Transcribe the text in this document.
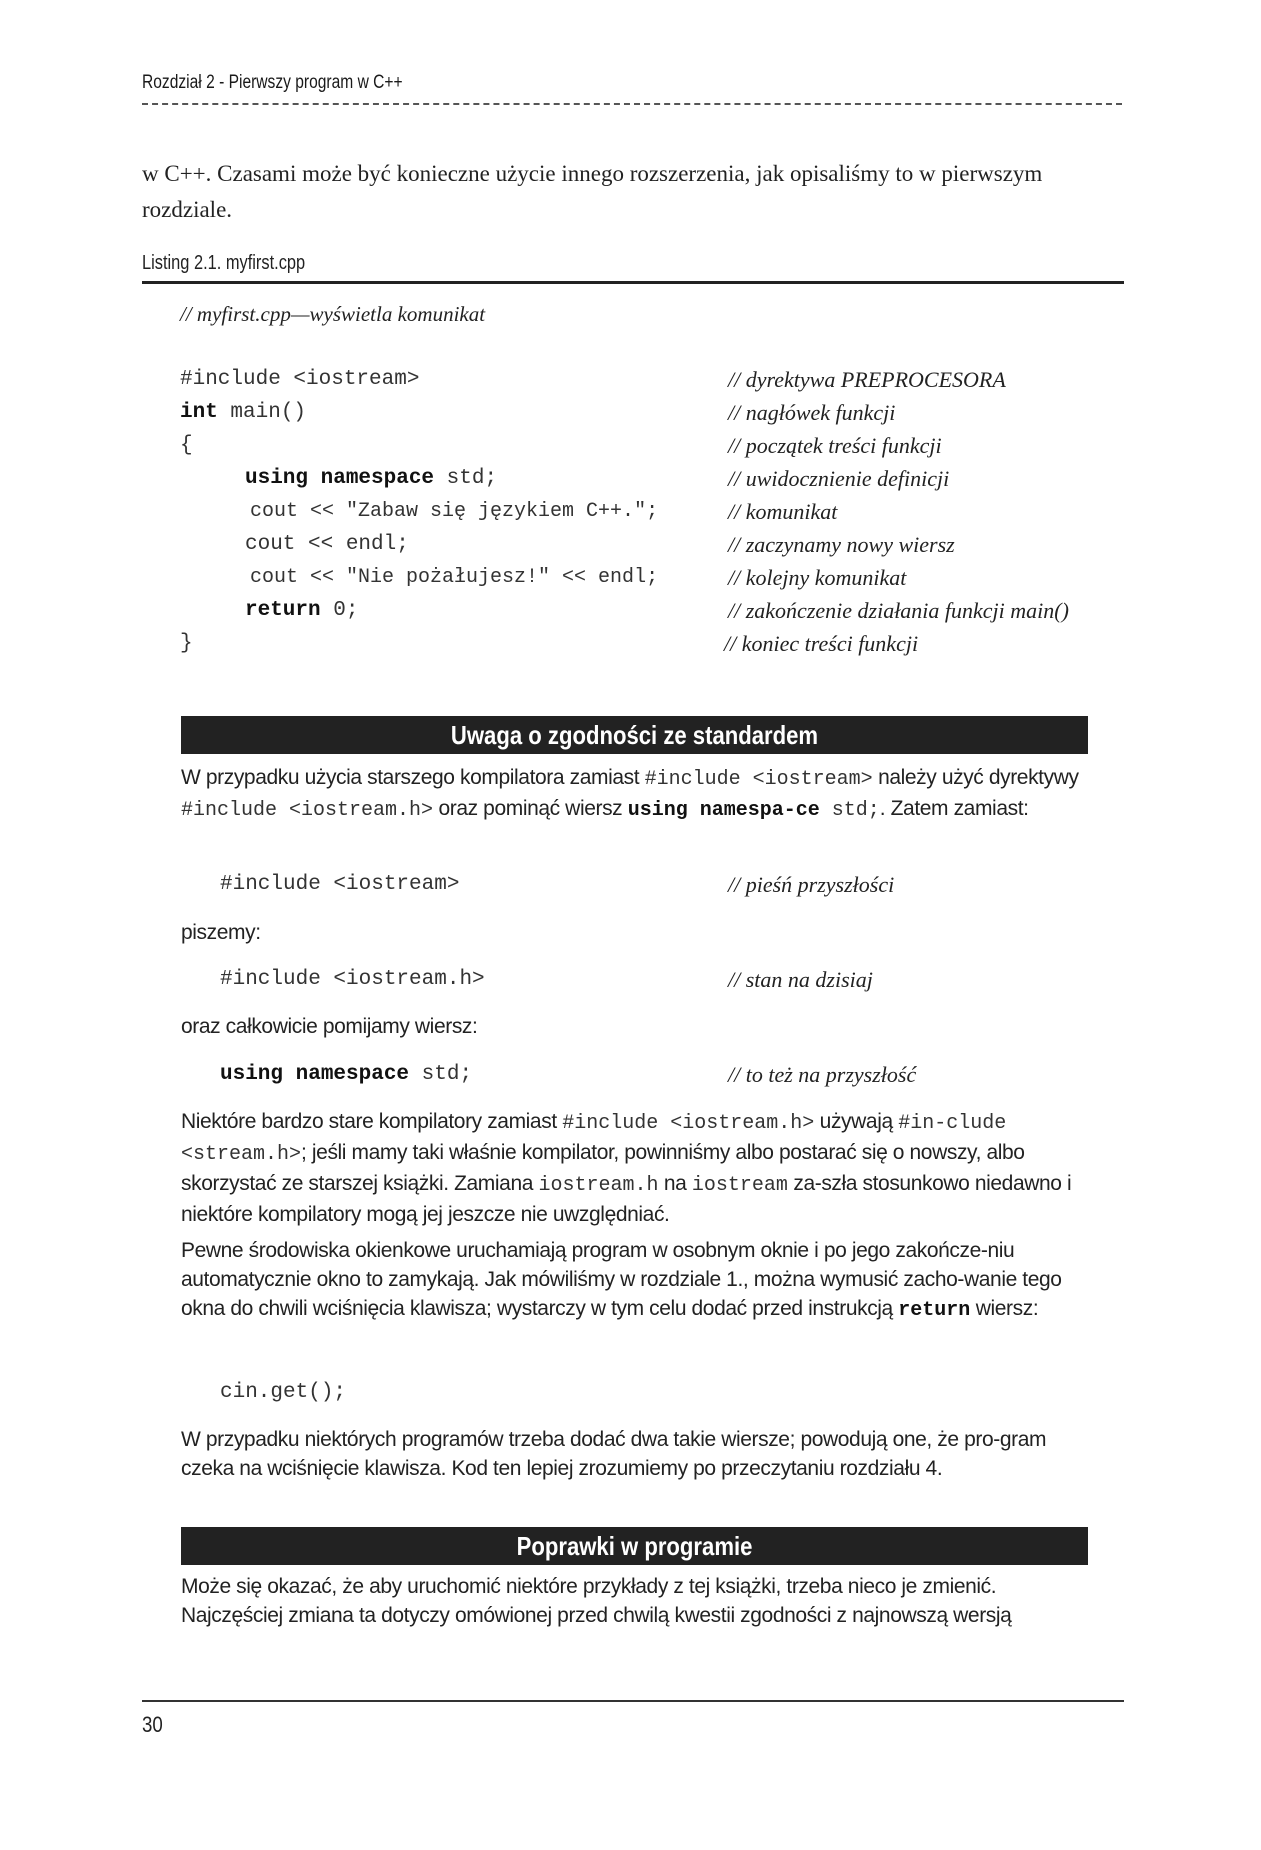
Rozdział 2 - Pierwszy program w C++
w C++. Czasami może być konieczne użycie innego rozszerzenia, jak opisaliśmy to w pierwszym rozdziale.
Listing 2.1. myfirst.cpp
// myfirst.cpp—wyświetla komunikat
#include <iostream>	// dyrektywa PREPROCESORA
int main()	// nagłówek funkcji
{	// początek treści funkcji
using namespace std;	// uwidocznienie definicji
cout << "Zabaw się językiem C++.";	// komunikat
cout << endl;	// zaczynamy nowy wiersz
cout << "Nie pożałujesz!" << endl;	// kolejny komunikat
return 0;	// zakończenie działania funkcji main()
}	// koniec treści funkcji
Uwaga o zgodności ze standardem
W przypadku użycia starszego kompilatora zamiast #include <iostream> należy użyć dyrektywy #include <iostream.h> oraz pominąć wiersz using namespa-ce std;. Zatem zamiast:
#include <iostream>	// pieśń przyszłości
piszemy:
#include <iostream.h>	// stan na dzisiaj
oraz całkowicie pomijamy wiersz:
using namespace std;	// to też na przyszłość
Niektóre bardzo stare kompilatory zamiast #include <iostream.h> używają #in-clude <stream.h>; jeśli mamy taki właśnie kompilator, powinniśmy albo postarać się o nowszy, albo skorzystać ze starszej książki. Zamiana iostream.h na iostream za-szła stosunkowo niedawno i niektóre kompilatory mogą jej jeszcze nie uwzględniać.
Pewne środowiska okienkowe uruchamiają program w osobnym oknie i po jego zakończe-niu automatycznie okno to zamykają. Jak mówiliśmy w rozdziale 1., można wymusić zacho-wanie tego okna do chwili wciśnięcia klawisza; wystarczy w tym celu dodać przed instrukcją return wiersz:
cin.get();
W przypadku niektórych programów trzeba dodać dwa takie wiersze; powodują one, że pro-gram czeka na wciśnięcie klawisza. Kod ten lepiej zrozumiemy po przeczytaniu rozdziału 4.
Poprawki w programie
Może się okazać, że aby uruchomić niektóre przykłady z tej książki, trzeba nieco je zmienić. Najczęściej zmiana ta dotyczy omówionej przed chwilą kwestii zgodności z najnowszą wersją
30
